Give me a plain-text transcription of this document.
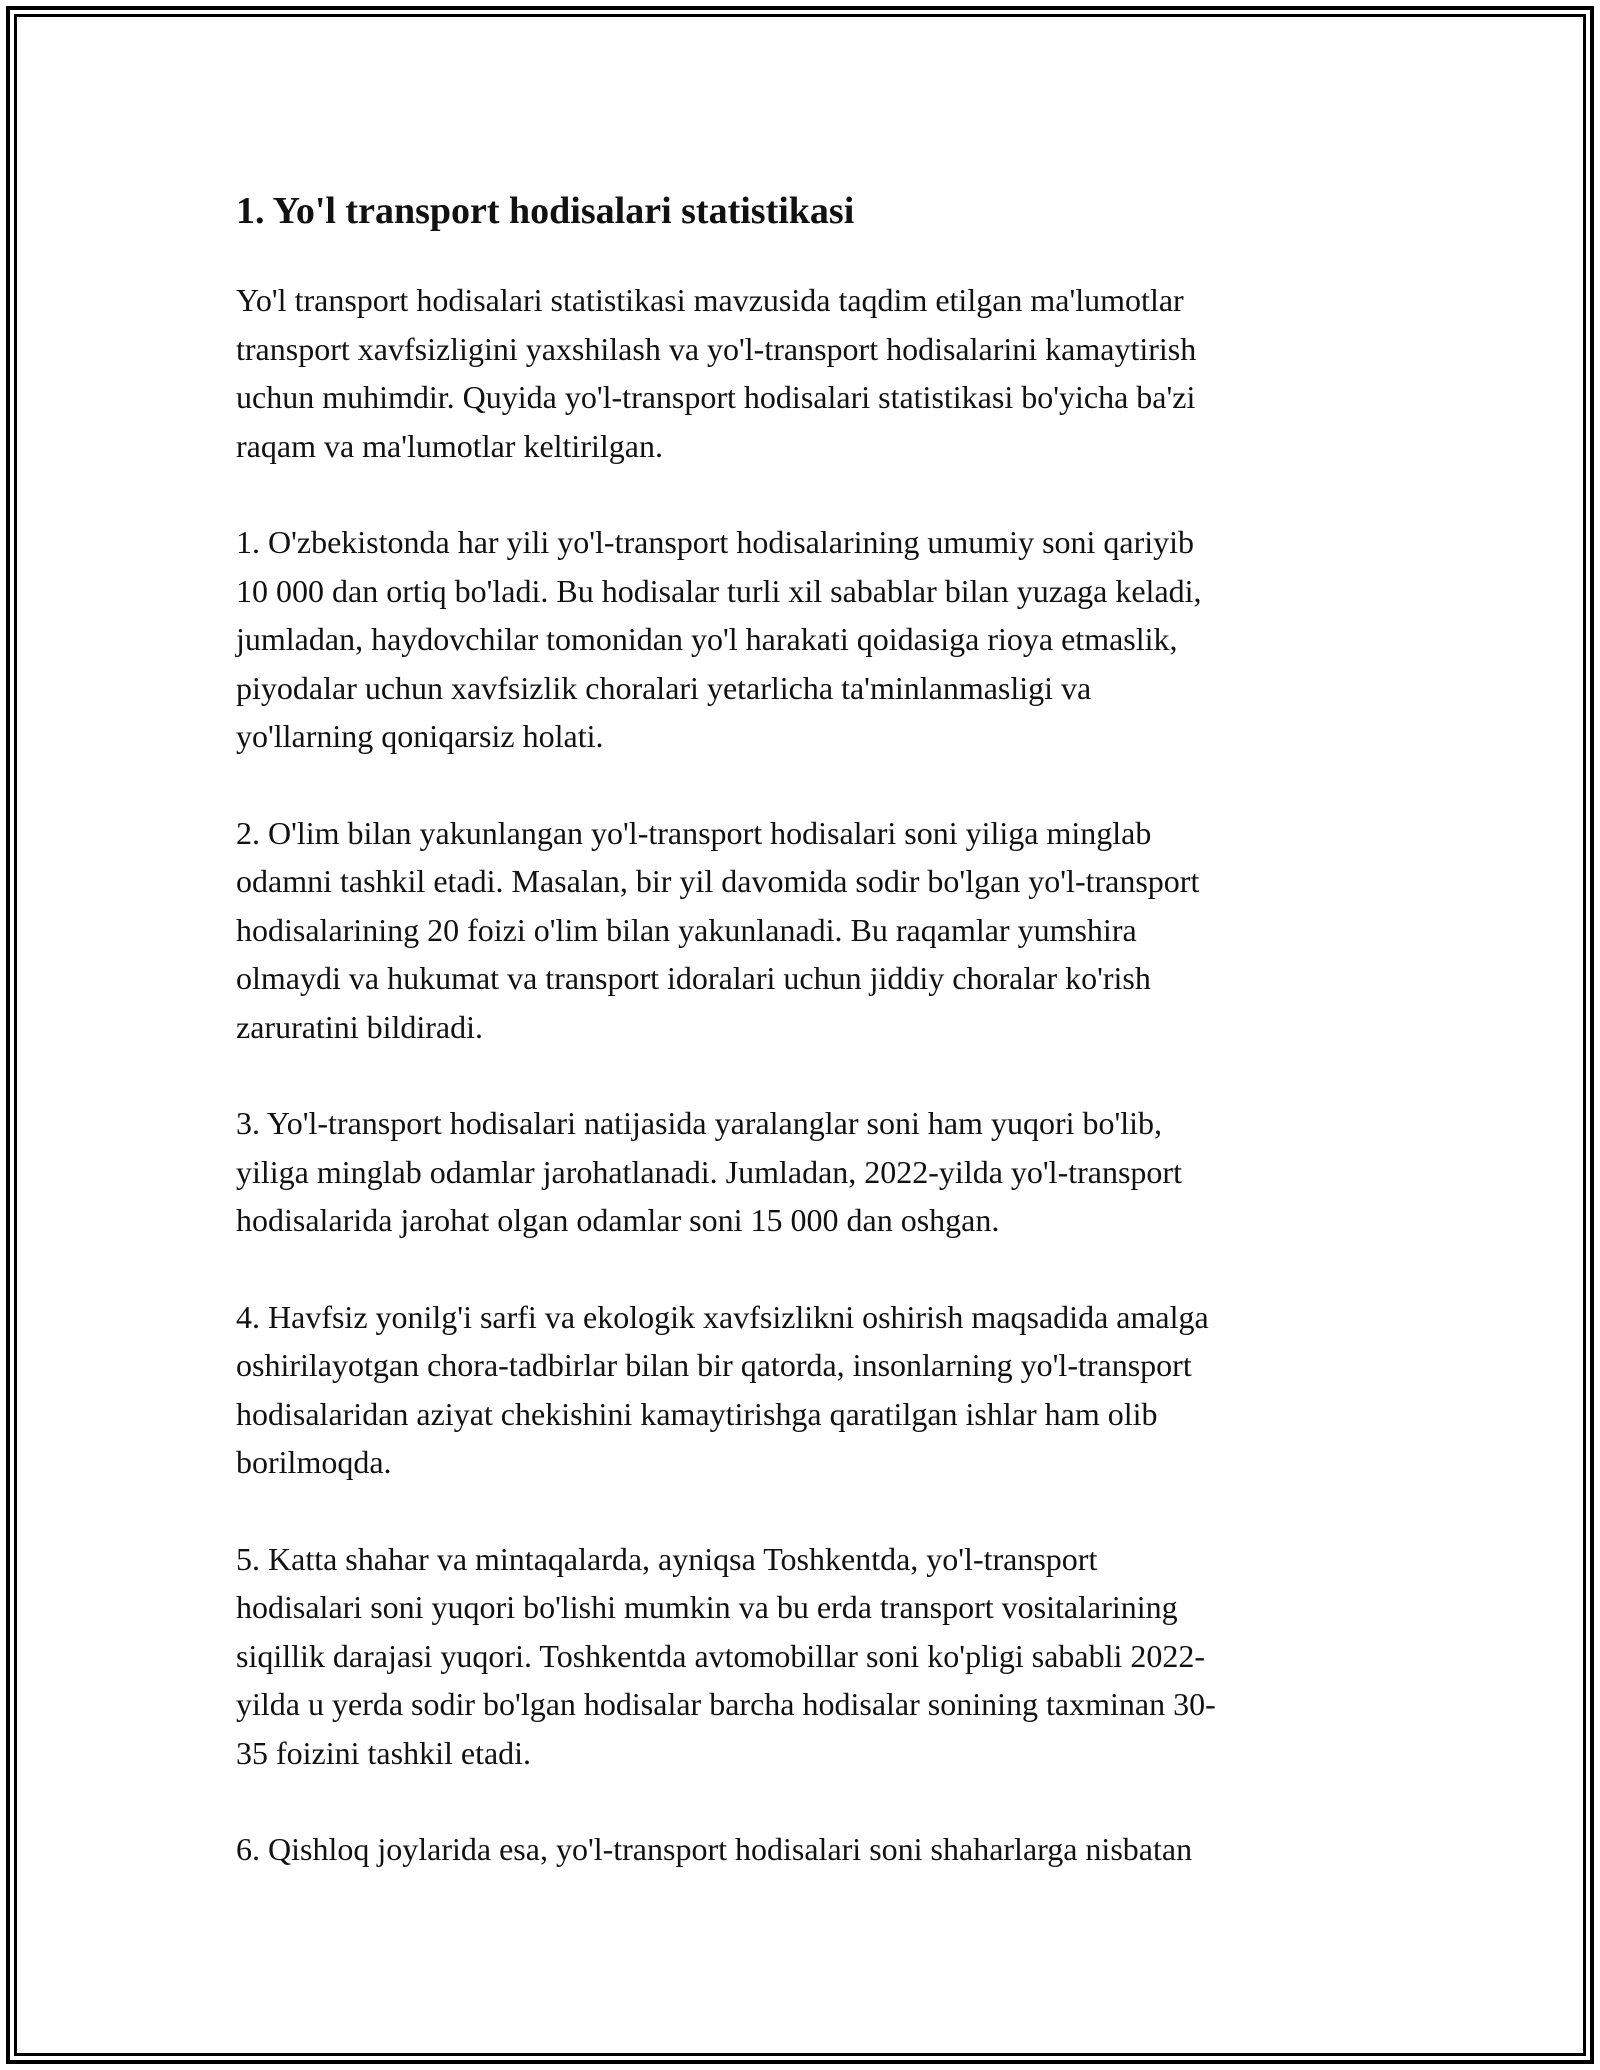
1. Yo'l transport hodisalari statistikasi

Yo'l transport hodisalari statistikasi mavzusida taqdim etilgan ma'lumotlar
transport xavfsizligini yaxshilash va yo'l-transport hodisalarini kamaytirish
uchun muhimdir. Quyida yo'l-transport hodisalari statistikasi bo'yicha ba'zi
raqam va ma'lumotlar keltirilgan.

1. O'zbekistonda har yili yo'l-transport hodisalarining umumiy soni qariyib
10 000 dan ortiq bo'ladi. Bu hodisalar turli xil sabablar bilan yuzaga keladi,
jumladan, haydovchilar tomonidan yo'l harakati qoidasiga rioya etmaslik,
piyodalar uchun xavfsizlik choralari yetarlicha ta'minlanmasligi va
yo'llarning qoniqarsiz holati.

2. O'lim bilan yakunlangan yo'l-transport hodisalari soni yiliga minglab
odamni tashkil etadi. Masalan, bir yil davomida sodir bo'lgan yo'l-transport
hodisalarining 20 foizi o'lim bilan yakunlanadi. Bu raqamlar yumshira
olmaydi va hukumat va transport idoralari uchun jiddiy choralar ko'rish
zaruratini bildiradi.

3. Yo'l-transport hodisalari natijasida yaralanglar soni ham yuqori bo'lib,
yiliga minglab odamlar jarohatlanadi. Jumladan, 2022-yilda yo'l-transport
hodisalarida jarohat olgan odamlar soni 15 000 dan oshgan.

4. Havfsiz yonilg'i sarfi va ekologik xavfsizlikni oshirish maqsadida amalga
oshirilayotgan chora-tadbirlar bilan bir qatorda, insonlarning yo'l-transport
hodisalaridan aziyat chekishini kamaytirishga qaratilgan ishlar ham olib
borilmoqda.

5. Katta shahar va mintaqalarda, ayniqsa Toshkentda, yo'l-transport
hodisalari soni yuqori bo'lishi mumkin va bu erda transport vositalarining
siqillik darajasi yuqori. Toshkentda avtomobillar soni ko'pligi sababli 2022-
yilda u yerda sodir bo'lgan hodisalar barcha hodisalar sonining taxminan 30-
35 foizini tashkil etadi.

6. Qishloq joylarida esa, yo'l-transport hodisalari soni shaharlarga nisbatan
